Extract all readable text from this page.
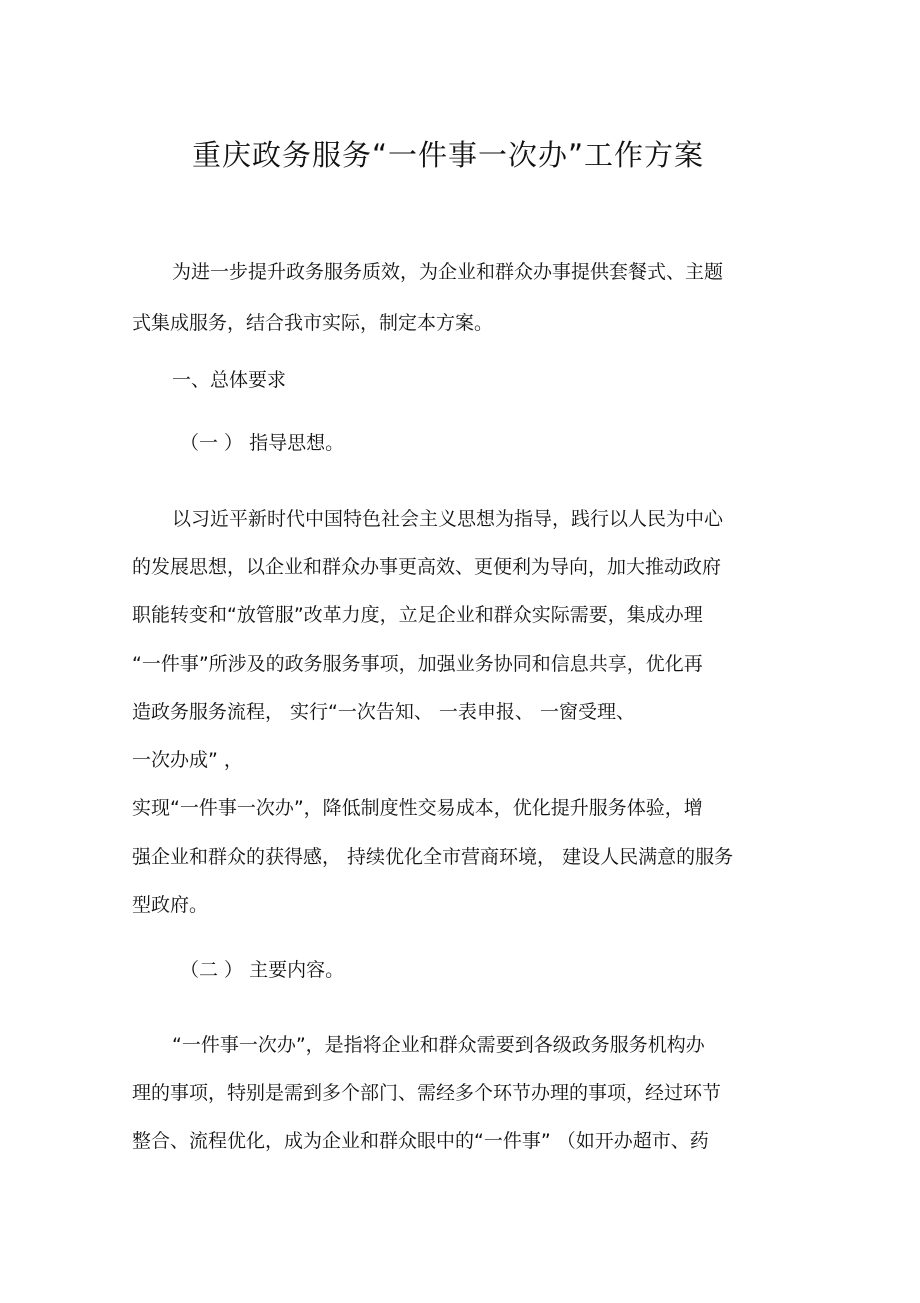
重庆政务服务“一件事一次办”工作方案
为进一步提升政务服务质效，为企业和群众办事提供套餐式、主题
式集成服务，结合我市实际，制定本方案。
一、总体要求
（一 ） 指导思想。
以习近平新时代中国特色社会主义思想为指导，践行以人民为中心
的发展思想，以企业和群众办事更高效、更便利为导向，加大推动政府
职能转变和“放管服”改革力度，立足企业和群众实际需要，集成办理
“一件事”所涉及的政务服务事项，加强业务协同和信息共享，优化再
造政务服务流程， 实行“一次告知、 一表申报、 一窗受理、
一次办成” ，
实现“一件事一次办”，降低制度性交易成本，优化提升服务体验，增
强企业和群众的获得感， 持续优化全市营商环境， 建设人民满意的服务
型政府。
（二 ） 主要内容。
“一件事一次办”，是指将企业和群众需要到各级政务服务机构办
理的事项，特别是需到多个部门、需经多个环节办理的事项，经过环节
整合、流程优化，成为企业和群众眼中的“一件事” （如开办超市、药
